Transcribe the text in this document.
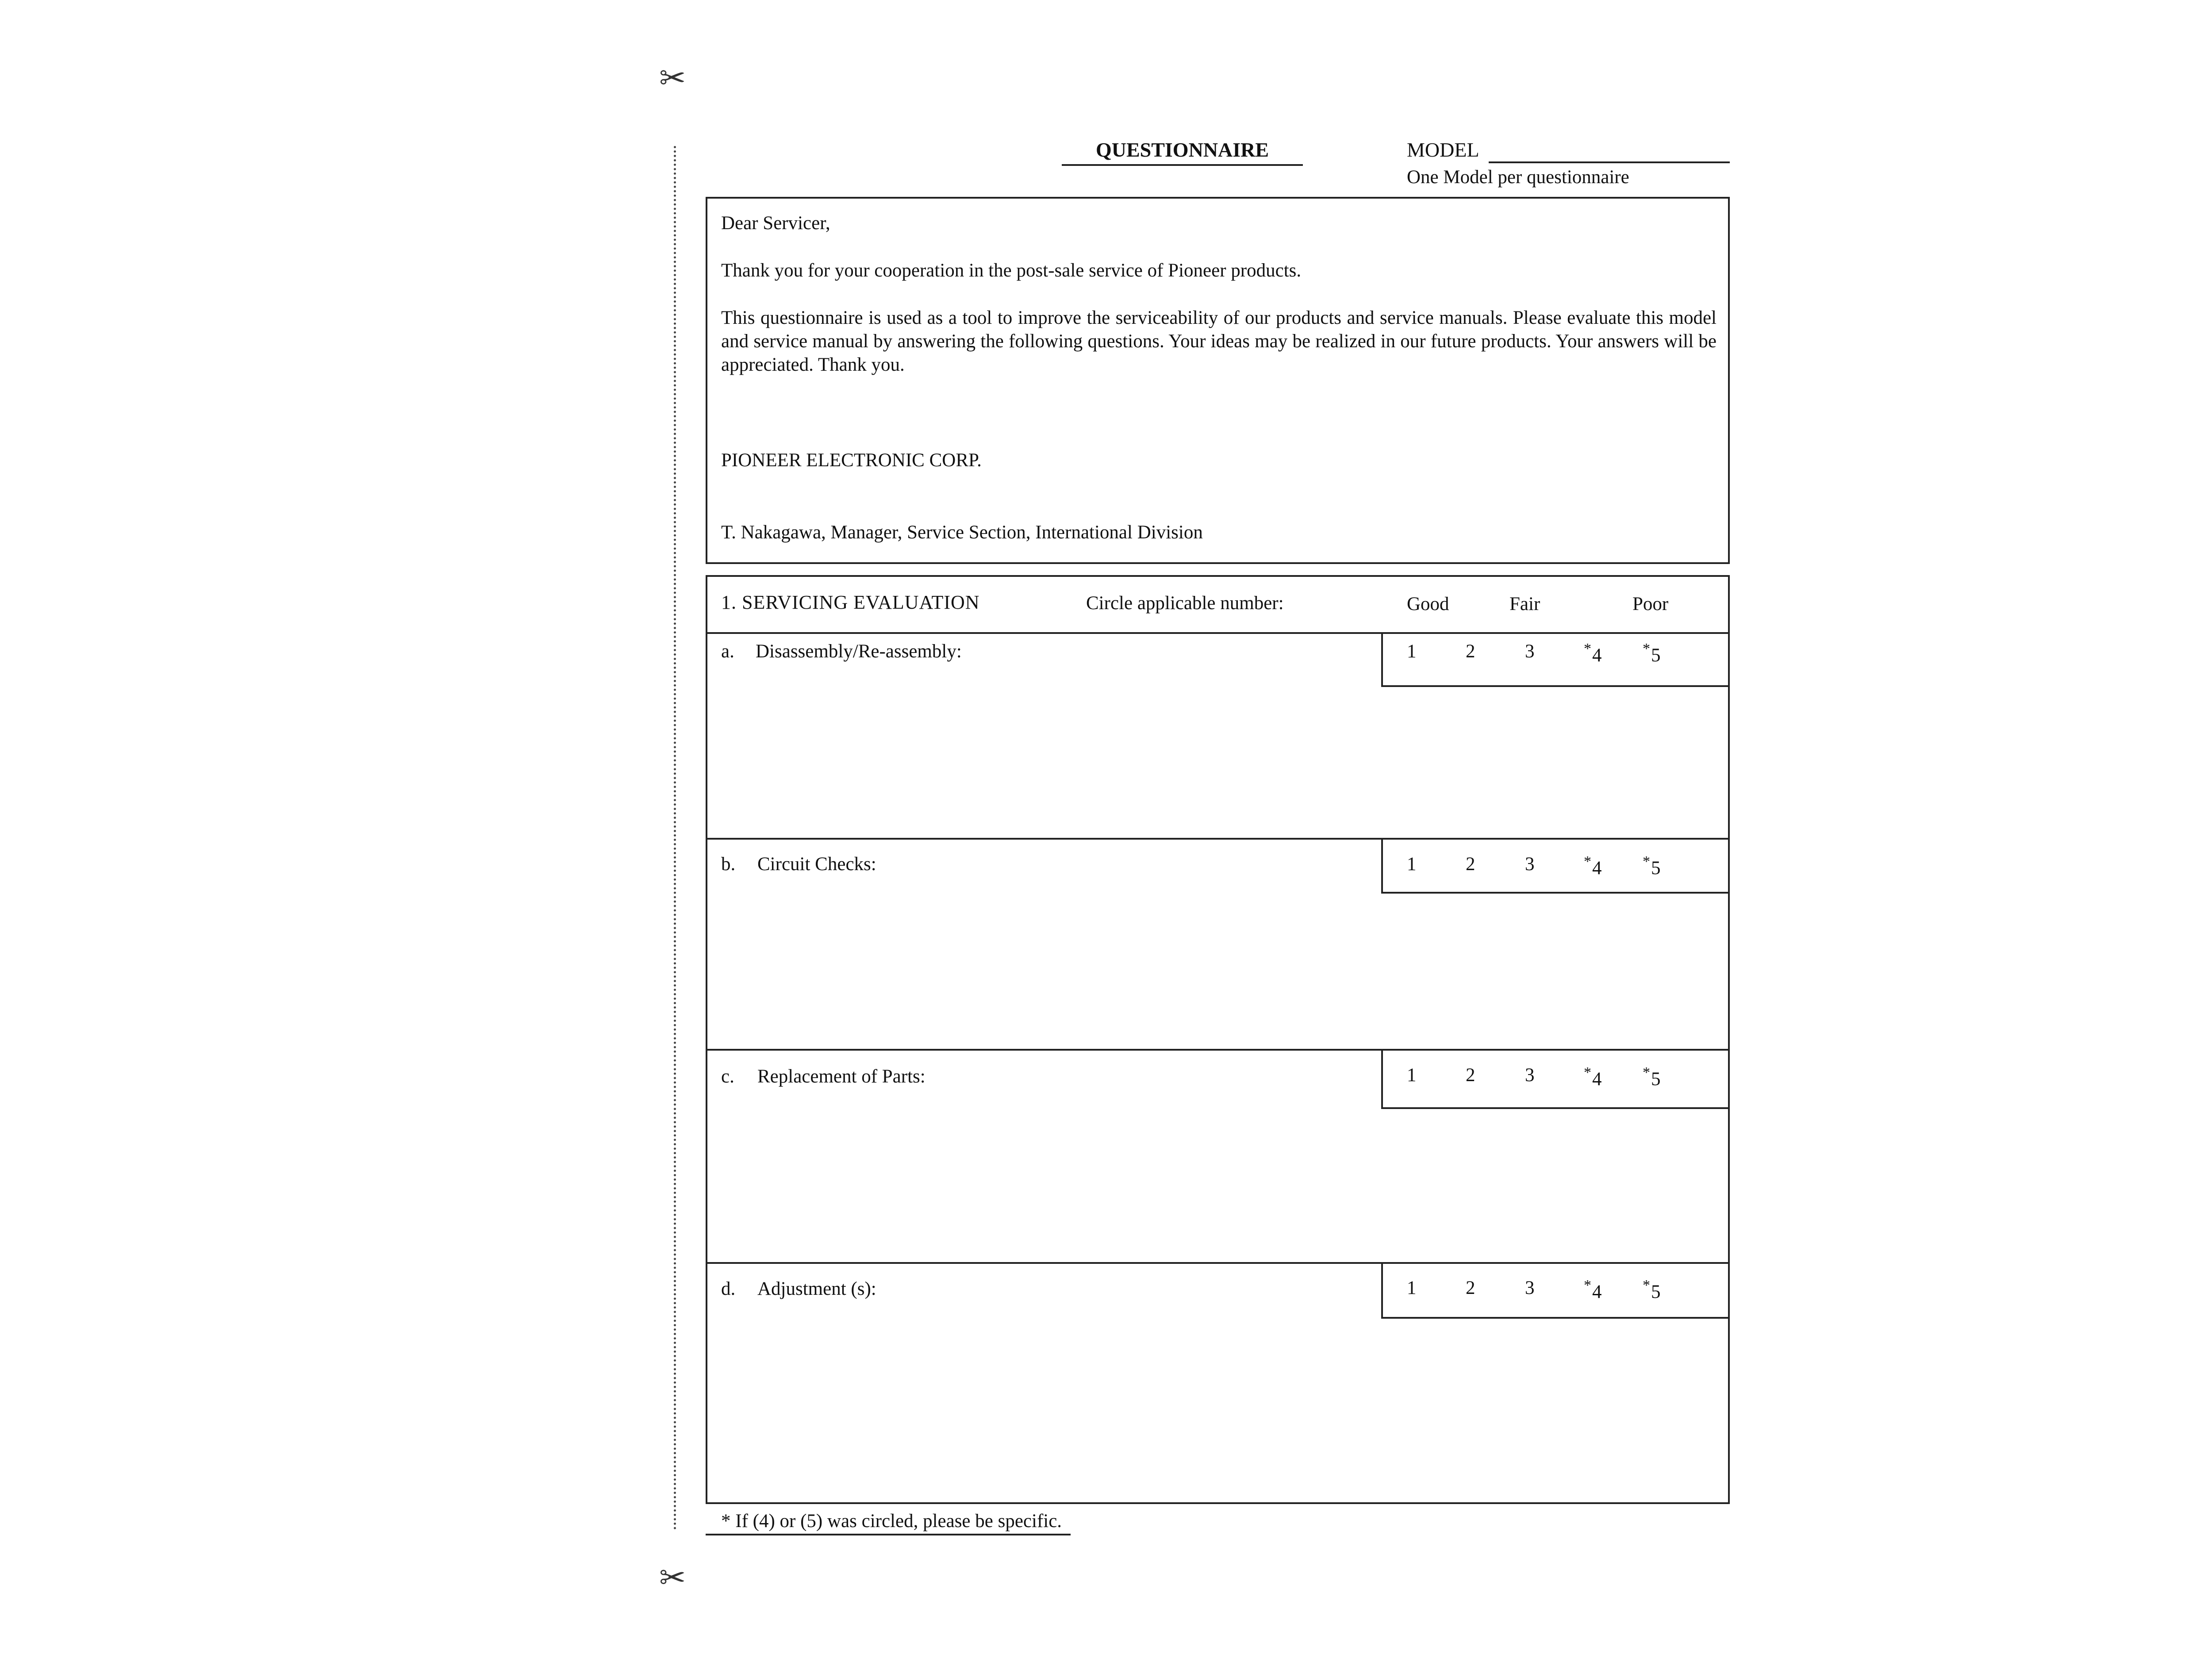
✂
✂
QUESTIONNAIRE	MODEL
One Model per questionnaire
Dear Servicer,
Thank you for your cooperation in the post-sale service of Pioneer products.
This questionnaire is used as a tool to improve the serviceability of our products and service manuals. Please evaluate this model and service manual by answering the following questions. Your ideas may be realized in our future products. Your answers will be appreciated. Thank you.
PIONEER ELECTRONIC CORP.
T. Nakagawa, Manager, Service Section, International Division
1. SERVICING EVALUATION	Circle applicable number:	Good	Fair	Poor
a. Disassembly/Re-assembly:	1	2	3	*4	*5
b. Circuit Checks:	1	2	3	*4	*5
c. Replacement of Parts:	1	2	3	*4	*5
d. Adjustment (s):	1	2	3	*4	*5
* If (4) or (5) was circled, please be specific.
